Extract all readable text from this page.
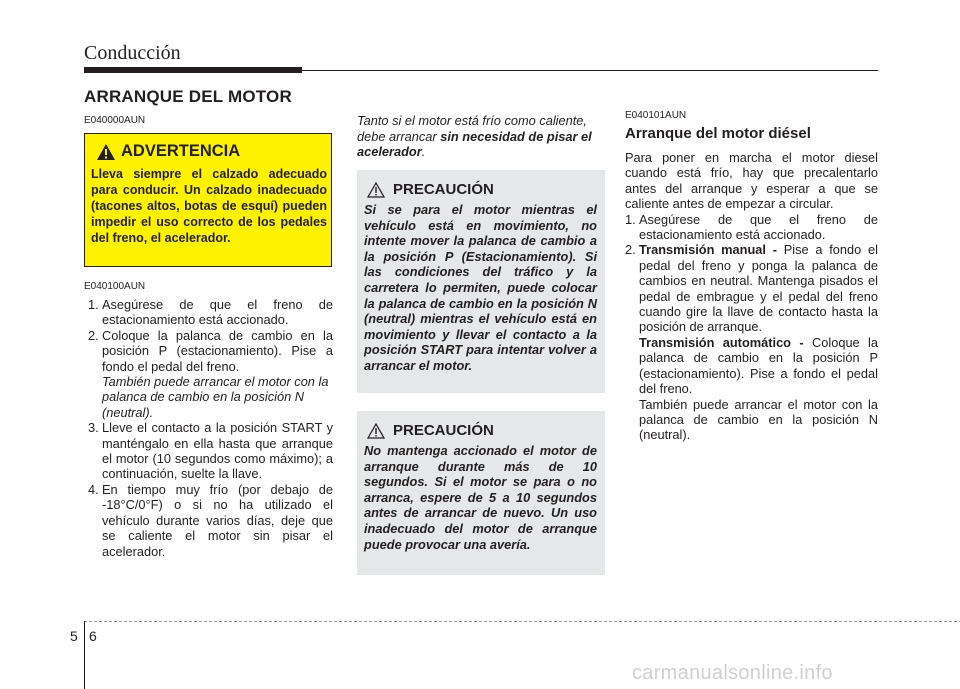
Conducción
ARRANQUE DEL MOTOR
E040000AUN
ADVERTENCIA
Lleva siempre el calzado adecuado para conducir. Un calzado inadecuado (tacones altos, botas de esquí) pueden impedir el uso correcto de los pedales del freno, el acelerador.
E040100AUN
1. Asegúrese de que el freno de estacionamiento está accionado.
2. Coloque la palanca de cambio en la posición P (estacionamiento). Pise a fondo el pedal del freno.
También puede arrancar el motor con la palanca de cambio en la posición N (neutral).
3. Lleve el contacto a la posición START y manténgalo en ella hasta que arranque el motor (10 segundos como máximo); a continuación, suelte la llave.
4. En tiempo muy frío (por debajo de -18°C/0°F) o si no ha utilizado el vehículo durante varios días, deje que se caliente el motor sin pisar el acelerador.
Tanto si el motor está frío como caliente, debe arrancar sin necesidad de pisar el acelerador.
PRECAUCIÓN
Si se para el motor mientras el vehículo está en movimiento, no intente mover la palanca de cambio a la posición P (Estacionamiento). Si las condiciones del tráfico y la carretera lo permiten, puede colocar la palanca de cambio en la posición N (neutral) mientras el vehículo está en movimiento y llevar el contacto a la posición START para intentar volver a arrancar el motor.
PRECAUCIÓN
No mantenga accionado el motor de arranque durante más de 10 segundos. Si el motor se para o no arranca, espere de 5 a 10 segundos antes de arrancar de nuevo. Un uso inadecuado del motor de arranque puede provocar una avería.
E040101AUN
Arranque del motor diésel
Para poner en marcha el motor diesel cuando está frío, hay que precalentarlo antes del arranque y esperar a que se caliente antes de empezar a circular.
1. Asegúrese de que el freno de estacionamiento está accionado.
2. Transmisión manual - Pise a fondo el pedal del freno y ponga la palanca de cambios en neutral. Mantenga pisados el pedal de embrague y el pedal del freno cuando gire la llave de contacto hasta la posición de arranque.
Transmisión automático - Coloque la palanca de cambio en la posición P (estacionamiento). Pise a fondo el pedal del freno.
También puede arrancar el motor con la palanca de cambio en la posición N (neutral).
5 6
carmanualsonline.info
